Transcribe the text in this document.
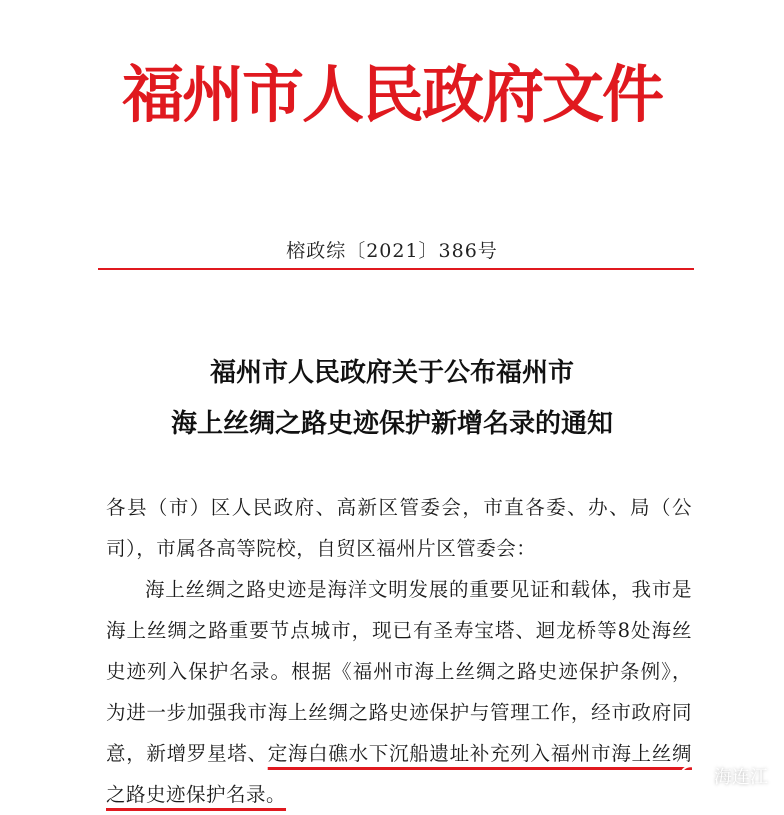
福州市人民政府文件
榕政综〔2021〕386号
福州市人民政府关于公布福州市
海上丝绸之路史迹保护新增名录的通知

各县（市）区人民政府、高新区管委会，市直各委、办、局（公司），市属各高等院校，自贸区福州片区管委会：

海上丝绸之路史迹是海洋文明发展的重要见证和载体，我市是海上丝绸之路重要节点城市，现已有圣寿宝塔、迴龙桥等8处海丝史迹列入保护名录。根据《福州市海上丝绸之路史迹保护条例》，为进一步加强我市海上丝绸之路史迹保护与管理工作，经市政府同意，新增罗星塔、定海白礁水下沉船遗址补充列入福州市海上丝绸之路史迹保护名录。

海连江
